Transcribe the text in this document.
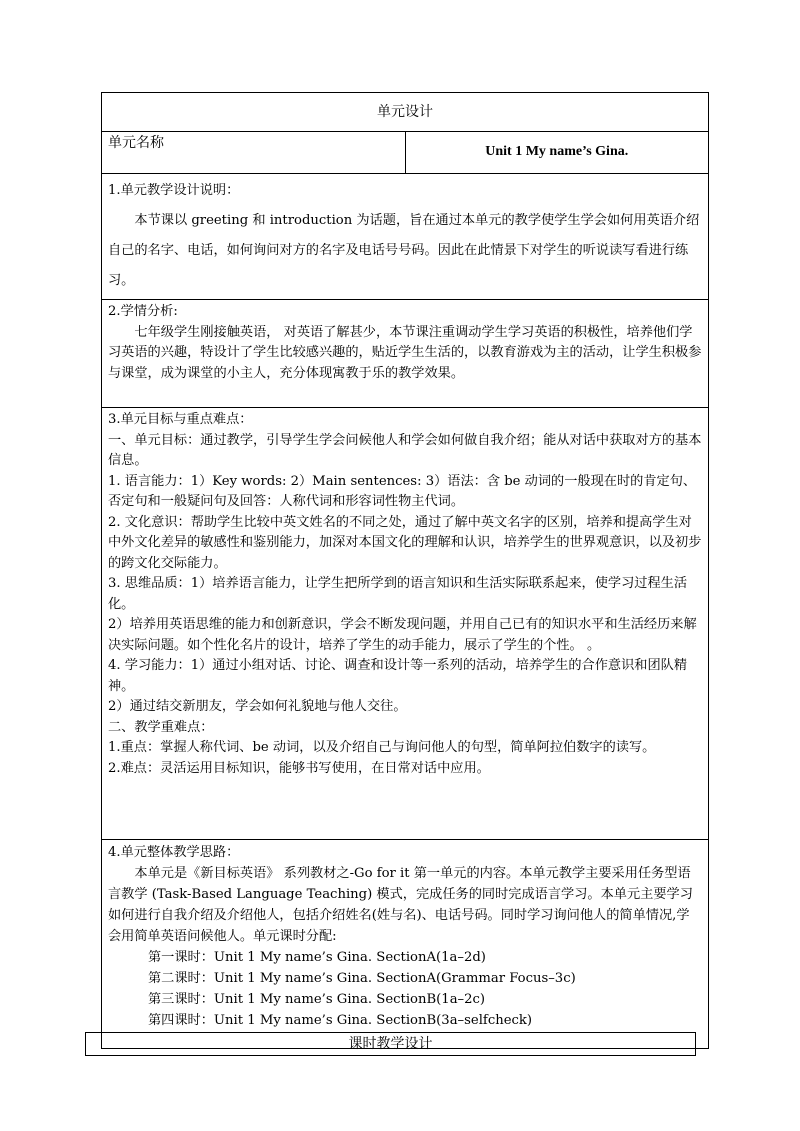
单元设计
单元名称	Unit 1 My name’s Gina.

1.单元教学设计说明：
本节课以 greeting 和 introduction 为话题，旨在通过本单元的教学使学生学会如何用英语介绍自己的名字、电话，如何询问对方的名字及电话号号码。因此在此情景下对学生的听说读写看进行练习。

2.学情分析:
七年级学生刚接触英语， 对英语了解甚少，本节课注重调动学生学习英语的积极性，培养他们学习英语的兴趣，特设计了学生比较感兴趣的，贴近学生生活的，以教育游戏为主的活动，让学生积极参与课堂，成为课堂的小主人，充分体现寓教于乐的教学效果。

3.单元目标与重点难点：
一、单元目标：通过教学，引导学生学会问候他人和学会如何做自我介绍；能从对话中获取对方的基本信息。
1. 语言能力：1）Key words: 2）Main sentences: 3）语法：含 be 动词的一般现在时的肯定句、否定句和一般疑问句及回答：人称代词和形容词性物主代词。
2. 文化意识：帮助学生比较中英文姓名的不同之处，通过了解中英文名字的区别，培养和提高学生对中外文化差异的敏感性和鉴别能力，加深对本国文化的理解和认识，培养学生的世界观意识，以及初步的跨文化交际能力。
3. 思维品质：1）培养语言能力，让学生把所学到的语言知识和生活实际联系起来，使学习过程生活化。
2）培养用英语思维的能力和创新意识，学会不断发现问题，并用自己已有的知识水平和生活经历来解决实际问题。如个性化名片的设计，培养了学生的动手能力，展示了学生的个性。 。
4. 学习能力：1）通过小组对话、讨论、调查和设计等一系列的活动，培养学生的合作意识和团队精神。
2）通过结交新朋友，学会如何礼貌地与他人交往。
二、教学重难点：
1.重点：掌握人称代词、be 动词，以及介绍自己与询问他人的句型，简单阿拉伯数字的读写。
2.难点：灵活运用目标知识，能够书写使用，在日常对话中应用。

4.单元整体教学思路：
本单元是《新目标英语》 系列教材之-Go for it 第一单元的内容。本单元教学主要采用任务型语言教学 (Task-Based Language Teaching) 模式，完成任务的同时完成语言学习。本单元主要学习如何进行自我介绍及介绍他人，包括介绍姓名(姓与名)、电话号码。同时学习询问他人的简单情况,学会用简单英语问候他人。单元课时分配:
第一课时：Unit 1 My name’s Gina. SectionA(1a–2d)
第二课时：Unit 1 My name’s Gina. SectionA(Grammar Focus–3c)
第三课时：Unit 1 My name’s Gina. SectionB(1a–2c)
第四课时：Unit 1 My name’s Gina. SectionB(3a–selfcheck)
课时教学设计
